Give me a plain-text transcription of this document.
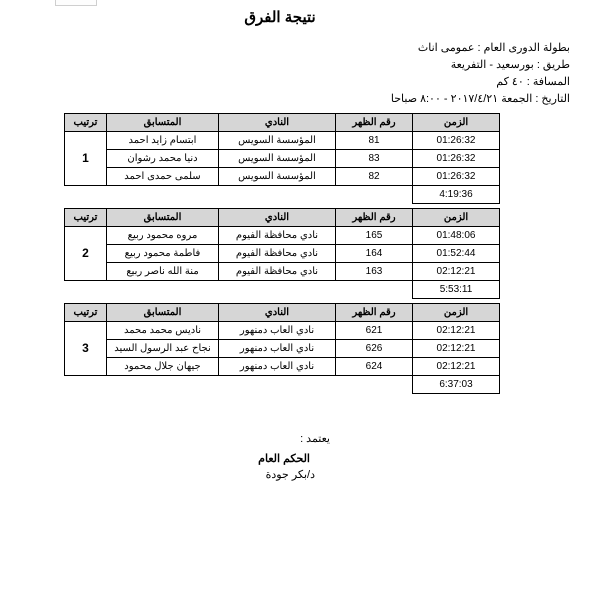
نتيجة الفرق
بطولة الدورى العام : عمومى اناث
طريق : بورسعيد - التفريعة
المسافة : ٤٠ كم
التاريخ : الجمعة ٢٠١٧/٤/٢١ - ٨:٠٠ صباحا
الزمن	رقم الظهر	النادي	المتسابق	ترتيب
01:26:32	81	المؤسسة السويس	ابتسام زايد احمد	1
01:26:32	83	المؤسسة السويس	دنيا محمد رشوان	
01:26:32	82	المؤسسة السويس	سلمى حمدى احمد	
4:19:36				
الزمن	رقم الظهر	النادي	المتسابق	ترتيب
01:48:06	165	نادي محافظة الفيوم	مروه محمود ربيع	2
01:52:44	164	نادي محافظة الفيوم	فاطمة محمود ربيع	
02:12:21	163	نادي محافظة الفيوم	منة الله ناصر ربيع	
5:53:11				
الزمن	رقم الظهر	النادي	المتسابق	ترتيب
02:12:21	621	نادي العاب دمنهور	ناديس محمد محمد	3
02:12:21	626	نادي العاب دمنهور	نجاح عبد الرسول السيد	
02:12:21	624	نادي العاب دمنهور	جيهان جلال محمود	
6:37:03				
يعتمد :
الحكم العام
د/بكر جودة
